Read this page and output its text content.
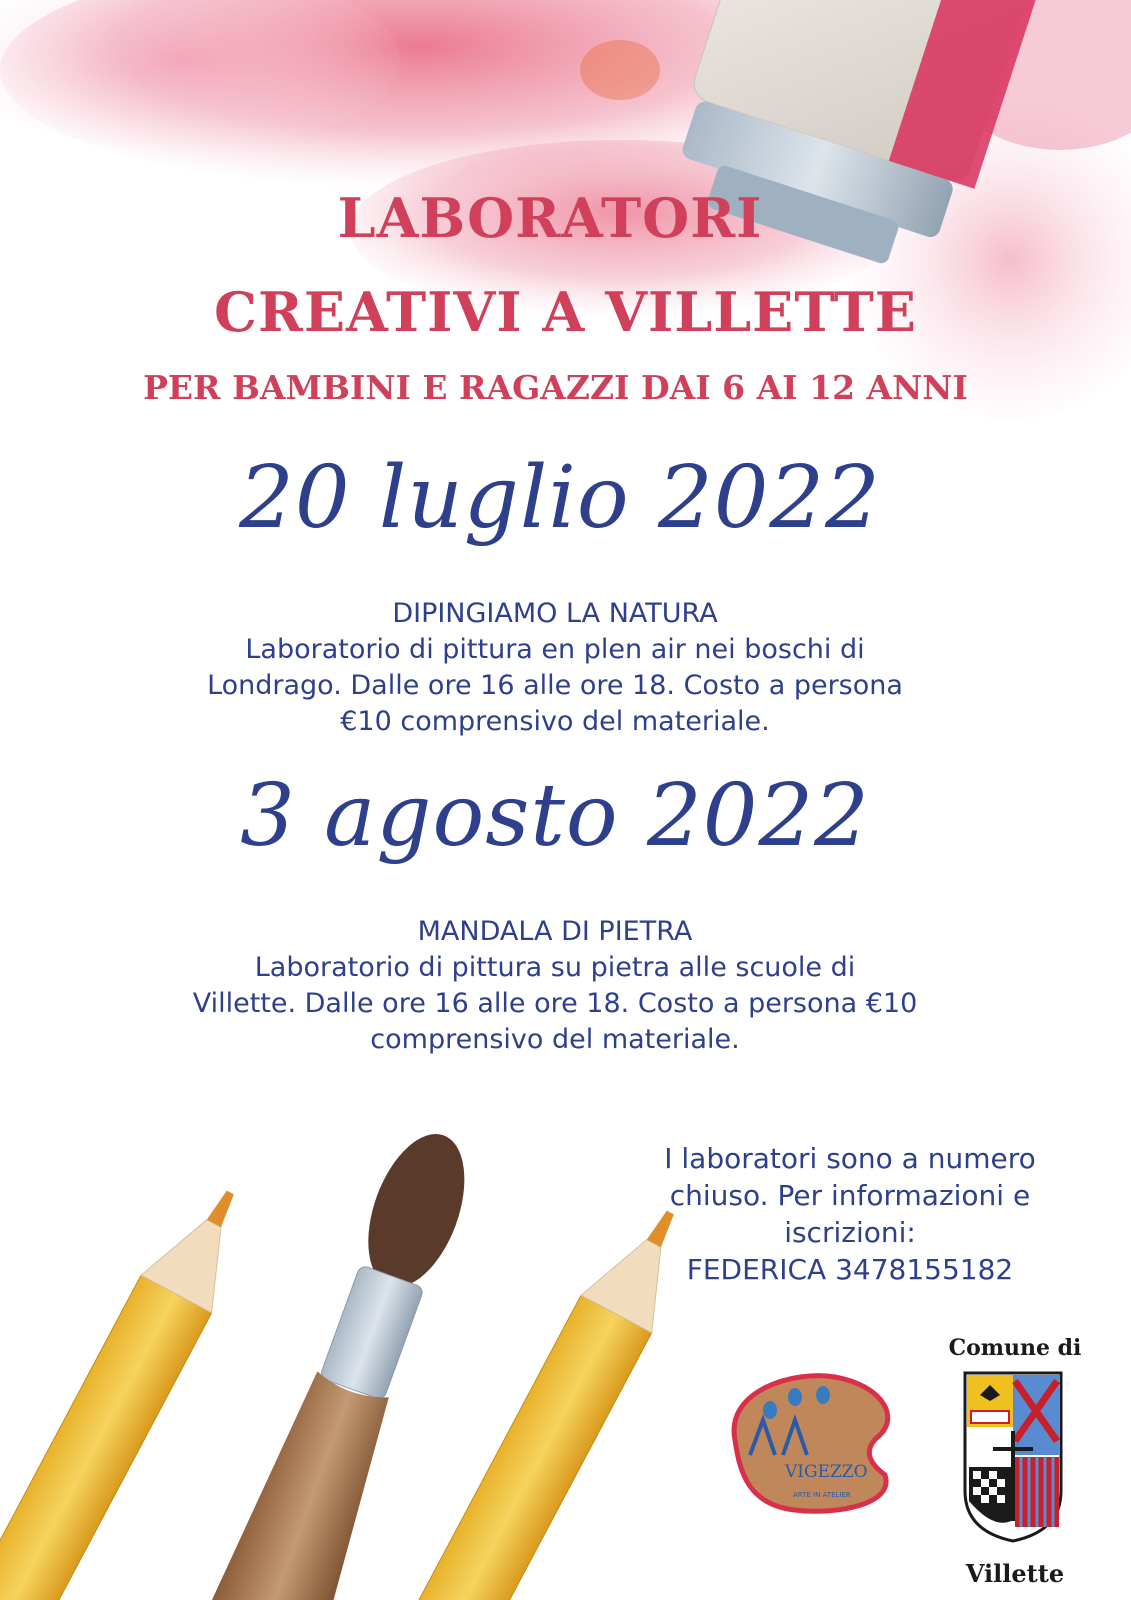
LABORATORI
CREATIVI A VILLETTE
PER BAMBINI E RAGAZZI DAI 6 AI 12 ANNI
20 luglio 2022

DIPINGIAMO LA NATURA

Laboratorio di pittura en plen air nei boschi di

Londrago. Dalle ore 16 alle ore 18. Costo a persona

€10 comprensivo del materiale.

3 agosto 2022

MANDALA DI PIETRA

Laboratorio di pittura su pietra alle scuole di

Villette. Dalle ore 16 alle ore 18. Costo a persona €10

comprensivo del materiale.

I laboratori sono a numero

chiuso. Per informazioni e

iscrizioni:

FEDERICA 3478155182

VIGEZZO
ARTE IN ATELIER
Comune di
Villette
